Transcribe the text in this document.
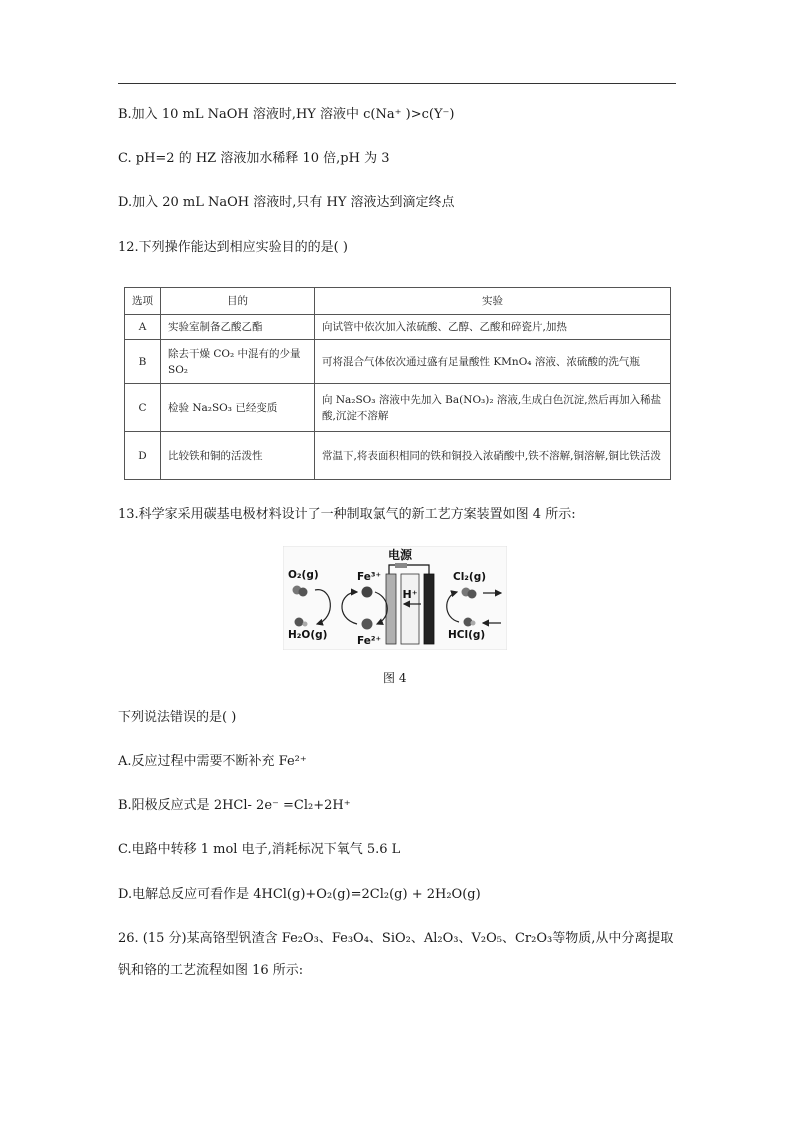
B.加入 10 mL NaOH 溶液时,HY 溶液中 c(Na⁺ )>c(Y⁻)
C. pH=2 的 HZ 溶液加水稀释 10 倍,pH 为 3
D.加入 20 mL NaOH 溶液时,只有 HY 溶液达到滴定终点
12.下列操作能达到相应实验目的的是( )
选项	目的	实验
A	实验室制备乙酸乙酯	向试管中依次加入浓硫酸、乙醇、乙酸和碎瓷片,加热
B	除去干燥 CO₂ 中混有的少量 SO₂	可将混合气体依次通过盛有足量酸性 KMnO₄ 溶液、浓硫酸的洗气瓶
C	检验 Na₂SO₃ 已经变质	向 Na₂SO₃ 溶液中先加入 Ba(NO₃)₂ 溶液,生成白色沉淀,然后再加入稀盐酸,沉淀不溶解
D	比较铁和铜的活泼性	常温下,将表面积相同的铁和铜投入浓硝酸中,铁不溶解,铜溶解,铜比铁活泼
13.科学家采用碳基电极材料设计了一种制取氯气的新工艺方案装置如图 4 所示:
电源
H⁺
O₂(g)
H₂O(g)
Fe³⁺
Fe²⁺
Cl₂(g)
HCl(g)
图 4
下列说法错误的是( )
A.反应过程中需要不断补充 Fe²⁺
B.阳极反应式是 2HCl- 2e⁻ =Cl₂+2H⁺
C.电路中转移 1 mol 电子,消耗标况下氧气 5.6 L
D.电解总反应可看作是 4HCl(g)+O₂(g)=2Cl₂(g) + 2H₂O(g)
26. (15 分)某高铬型钒渣含 Fe₂O₃、Fe₃O₄、SiO₂、Al₂O₃、V₂O₅、Cr₂O₃等物质,从中分离提取
钒和铬的工艺流程如图 16 所示:
